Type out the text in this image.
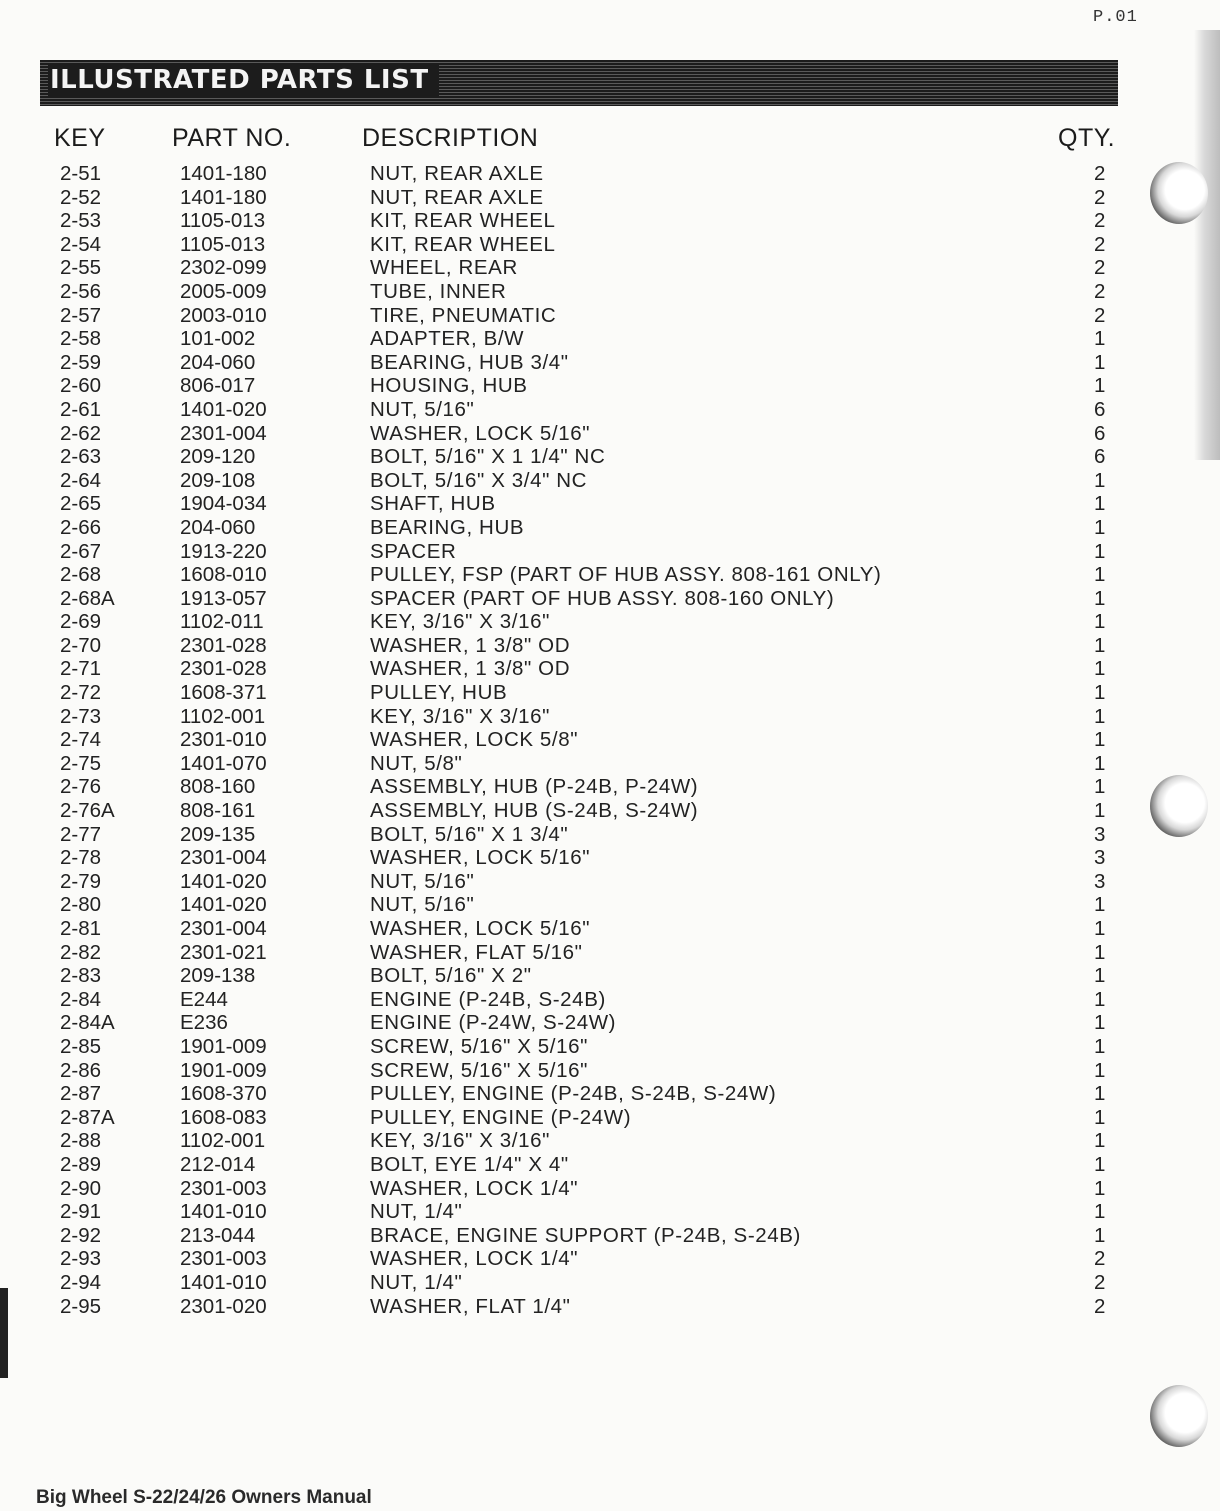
P.01
ILLUSTRATED PARTS LIST
KEY	PART NO.	DESCRIPTION	QTY.
2-51	1401-180	NUT, REAR AXLE	2
2-52	1401-180	NUT, REAR AXLE	2
2-53	1105-013	KIT, REAR WHEEL	2
2-54	1105-013	KIT, REAR WHEEL	2
2-55	2302-099	WHEEL, REAR	2
2-56	2005-009	TUBE, INNER	2
2-57	2003-010	TIRE, PNEUMATIC	2
2-58	101-002	ADAPTER, B/W	1
2-59	204-060	BEARING, HUB 3/4"	1
2-60	806-017	HOUSING, HUB	1
2-61	1401-020	NUT, 5/16"	6
2-62	2301-004	WASHER, LOCK 5/16"	6
2-63	209-120	BOLT, 5/16" X 1 1/4" NC	6
2-64	209-108	BOLT, 5/16" X 3/4" NC	1
2-65	1904-034	SHAFT, HUB	1
2-66	204-060	BEARING, HUB	1
2-67	1913-220	SPACER	1
2-68	1608-010	PULLEY, FSP (PART OF HUB ASSY. 808-161 ONLY)	1
2-68A	1913-057	SPACER (PART OF HUB ASSY. 808-160 ONLY)	1
2-69	1102-011	KEY, 3/16" X 3/16"	1
2-70	2301-028	WASHER, 1 3/8" OD	1
2-71	2301-028	WASHER, 1 3/8" OD	1
2-72	1608-371	PULLEY, HUB	1
2-73	1102-001	KEY, 3/16" X 3/16"	1
2-74	2301-010	WASHER, LOCK 5/8"	1
2-75	1401-070	NUT, 5/8"	1
2-76	808-160	ASSEMBLY, HUB (P-24B, P-24W)	1
2-76A	808-161	ASSEMBLY, HUB (S-24B, S-24W)	1
2-77	209-135	BOLT, 5/16" X 1 3/4"	3
2-78	2301-004	WASHER, LOCK 5/16"	3
2-79	1401-020	NUT, 5/16"	3
2-80	1401-020	NUT, 5/16"	1
2-81	2301-004	WASHER, LOCK 5/16"	1
2-82	2301-021	WASHER, FLAT 5/16"	1
2-83	209-138	BOLT, 5/16" X 2"	1
2-84	E244	ENGINE (P-24B, S-24B)	1
2-84A	E236	ENGINE (P-24W, S-24W)	1
2-85	1901-009	SCREW, 5/16" X 5/16"	1
2-86	1901-009	SCREW, 5/16" X 5/16"	1
2-87	1608-370	PULLEY, ENGINE (P-24B, S-24B, S-24W)	1
2-87A	1608-083	PULLEY, ENGINE (P-24W)	1
2-88	1102-001	KEY, 3/16" X 3/16"	1
2-89	212-014	BOLT, EYE 1/4" X 4"	1
2-90	2301-003	WASHER, LOCK 1/4"	1
2-91	1401-010	NUT, 1/4"	1
2-92	213-044	BRACE, ENGINE SUPPORT (P-24B, S-24B)	1
2-93	2301-003	WASHER, LOCK 1/4"	2
2-94	1401-010	NUT, 1/4"	2
2-95	2301-020	WASHER, FLAT 1/4"	2
Big Wheel S-22/24/26 Owners Manual
